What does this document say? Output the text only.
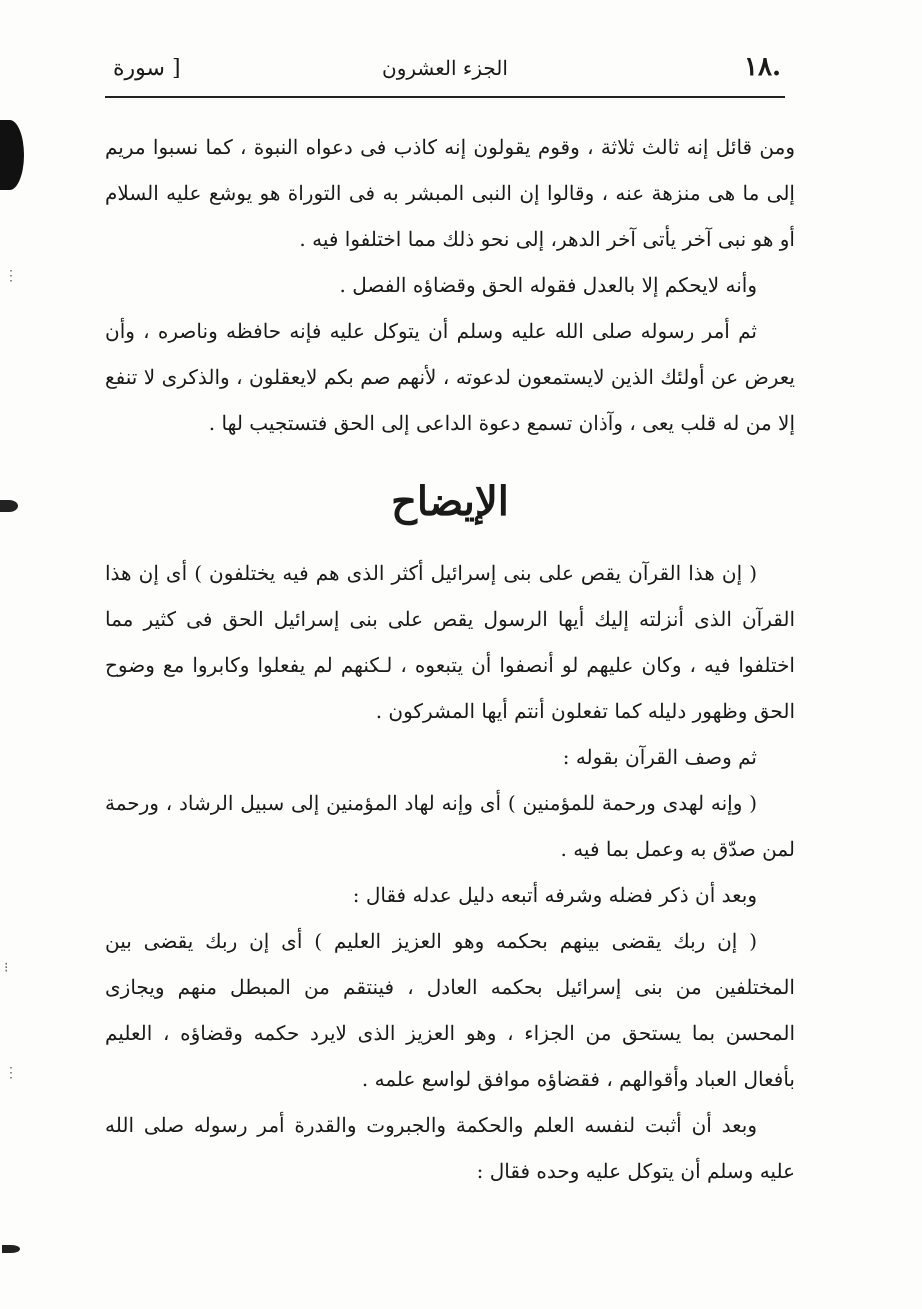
⋮
⁝
⋮
[ سورة	الجزء العشرون	١٨.

ومن قائل إنه ثالث ثلاثة ، وقوم يقولون إنه كاذب فى دعواه النبوة ، كما نسبوا مريم إلى ما هى منزهة عنه ، وقالوا إن النبى المبشر به فى التوراة هو يوشع عليه السلام أو هو نبى آخر يأتى آخر الدهر، إلى نحو ذلك مما اختلفوا فيه .

وأنه لايحكم إلا بالعدل فقوله الحق وقضاؤه الفصل .

ثم أمر رسوله صلى الله عليه وسلم أن يتوكل عليه فإنه حافظه وناصره ، وأن يعرض عن أولئك الذين لايستمعون لدعوته ، لأنهم صم بكم لايعقلون ، والذكرى لا تنفع إلا من له قلب يعى ، وآذان تسمع دعوة الداعى إلى الحق فتستجيب لها .

الإيضاح

( إن هذا القرآن يقص على بنى إسرائيل أكثر الذى هم فيه يختلفون ) أى إن هذا القرآن الذى أنزلته إليك أيها الرسول يقص على بنى إسرائيل الحق فى كثير مما اختلفوا فيه ، وكان عليهم لو أنصفوا أن يتبعوه ، لـكنهم لم يفعلوا وكابروا مع وضوح الحق وظهور دليله كما تفعلون أنتم أيها المشركون .

ثم وصف القرآن بقوله :

( وإنه لهدى ورحمة للمؤمنين ) أى وإنه لهاد المؤمنين إلى سبيل الرشاد ، ورحمة لمن صدّق به وعمل بما فيه .

وبعد أن ذكر فضله وشرفه أتبعه دليل عدله فقال :

( إن ربك يقضى بينهم بحكمه وهو العزيز العليم ) أى إن ربك يقضى بين المختلفين من بنى إسرائيل بحكمه العادل ، فينتقم من المبطل منهم ويجازى المحسن بما يستحق من الجزاء ، وهو العزيز الذى لايرد حكمه وقضاؤه ، العليم بأفعال العباد وأقوالهم ، فقضاؤه موافق لواسع علمه .

وبعد أن أثبت لنفسه العلم والحكمة والجبروت والقدرة أمر رسوله صلى الله عليه وسلم أن يتوكل عليه وحده فقال :
